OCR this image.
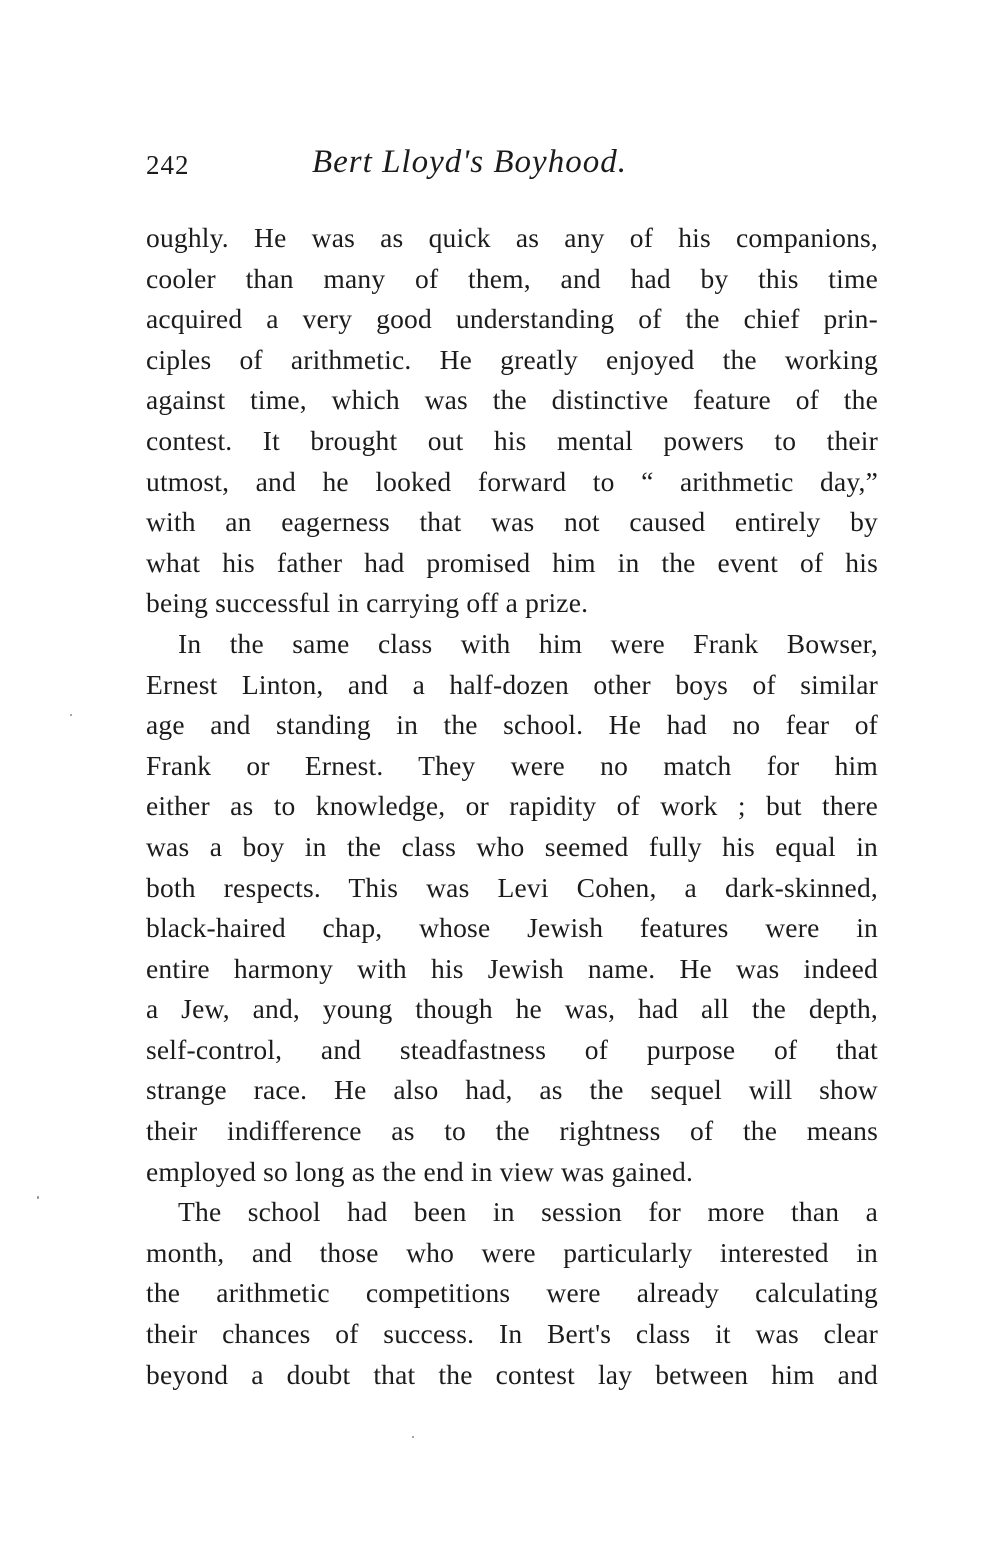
242	Bert Lloyd's Boyhood.
oughly. He was as quick as any of his companions,
cooler than many of them, and had by this time
acquired a very good understanding of the chief prin-
ciples of arithmetic. He greatly enjoyed the working
against time, which was the distinctive feature of the
contest. It brought out his mental powers to their
utmost, and he looked forward to “ arithmetic day,”
with an eagerness that was not caused entirely by
what his father had promised him in the event of his
being successful in carrying off a prize.
In the same class with him were Frank Bowser,
Ernest Linton, and a half-dozen other boys of similar
age and standing in the school. He had no fear of
Frank or Ernest. They were no match for him
either as to knowledge, or rapidity of work ; but there
was a boy in the class who seemed fully his equal in
both respects. This was Levi Cohen, a dark-skinned,
black-haired chap, whose Jewish features were in
entire harmony with his Jewish name. He was indeed
a Jew, and, young though he was, had all the depth,
self-control, and steadfastness of purpose of that
strange race. He also had, as the sequel will show
their indifference as to the rightness of the means
employed so long as the end in view was gained.
The school had been in session for more than a
month, and those who were particularly interested in
the arithmetic competitions were already calculating
their chances of success. In Bert's class it was clear
beyond a doubt that the contest lay between him and
